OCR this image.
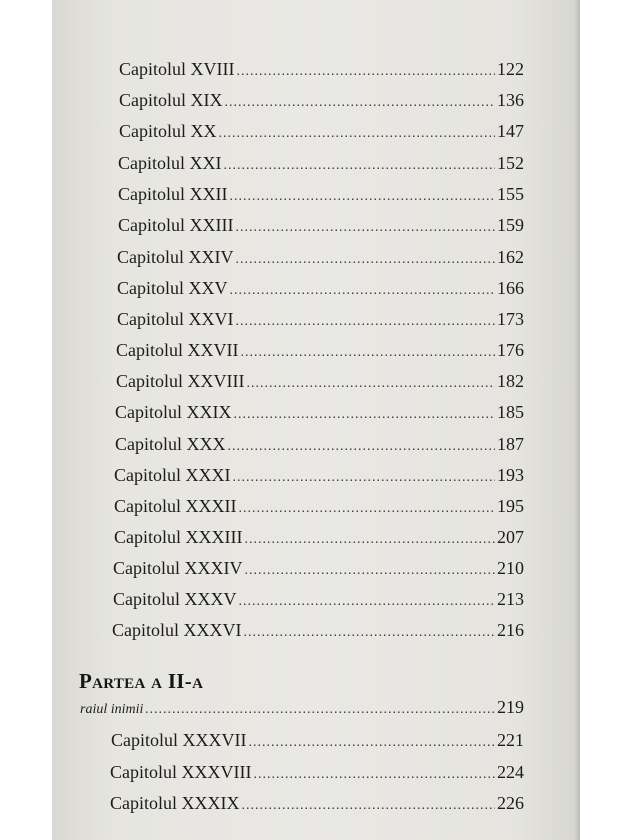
Capitolul XVIII .....	122
Capitolul XIX .....	136
Capitolul XX .....	147
Capitolul XXI .....	152
Capitolul XXII .....	155
Capitolul XXIII .....	159
Capitolul XXIV .....	162
Capitolul XXV .....	166
Capitolul XXVI .....	173
Capitolul XXVII .....	176
Capitolul XXVIII .....	182
Capitolul XXIX .....	185
Capitolul XXX .....	187
Capitolul XXXI .....	193
Capitolul XXXII .....	195
Capitolul XXXIII .....	207
Capitolul XXXIV .....	210
Capitolul XXXV .....	213
Capitolul XXXVI .....	216
Partea a II-a
raiul inimii .....	219
Capitolul XXXVII .....	221
Capitolul XXXVIII .....	224
Capitolul XXXIX .....	226
